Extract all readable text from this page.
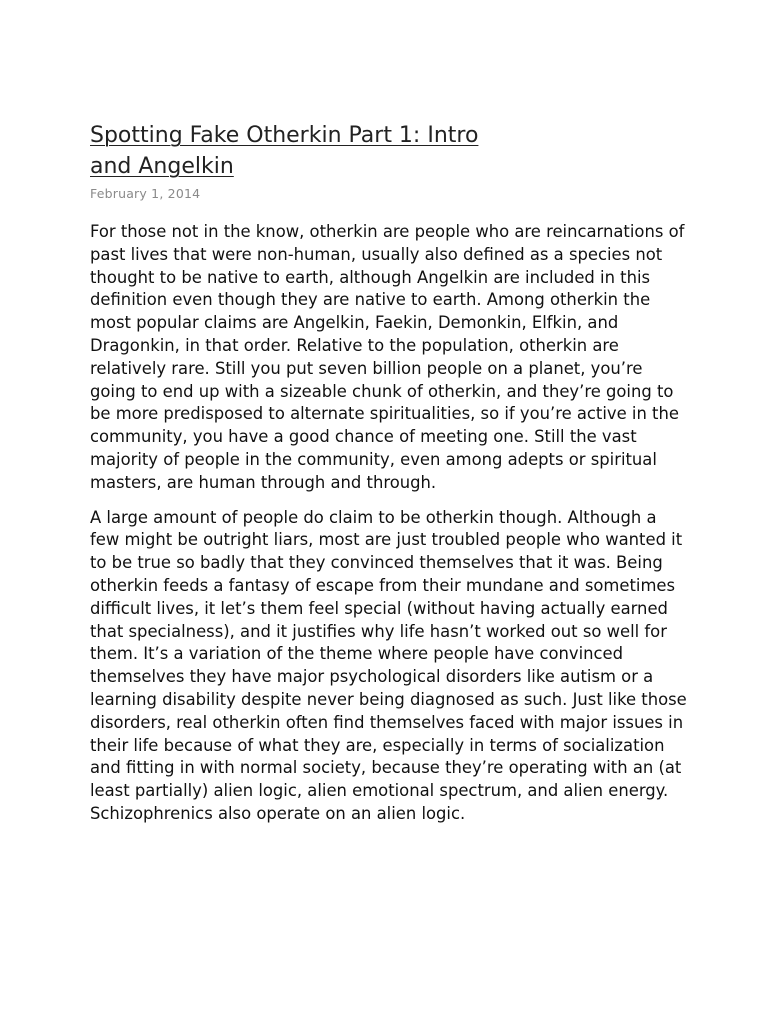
Spotting Fake Otherkin Part 1: Intro
and Angelkin
February 1, 2014

For those not in the know, otherkin are people who are reincarnations of past lives that were non-human, usually also defined as a species not thought to be native to earth, although Angelkin are included in this definition even though they are native to earth. Among otherkin the most popular claims are Angelkin, Faekin, Demonkin, Elfkin, and Dragonkin, in that order. Relative to the population, otherkin are relatively rare. Still you put seven billion people on a planet, you’re going to end up with a sizeable chunk of otherkin, and they’re going to be more predisposed to alternate spiritualities, so if you’re active in the community, you have a good chance of meeting one. Still the vast majority of people in the community, even among adepts or spiritual masters, are human through and through.

A large amount of people do claim to be otherkin though. Although a few might be outright liars, most are just troubled people who wanted it to be true so badly that they convinced themselves that it was. Being otherkin feeds a fantasy of escape from their mundane and sometimes difficult lives, it let’s them feel special (without having actually earned that specialness), and it justifies why life hasn’t worked out so well for them. It’s a variation of the theme where people have convinced themselves they have major psychological disorders like autism or a learning disability despite never being diagnosed as such. Just like those disorders, real otherkin often find themselves faced with major issues in their life because of what they are, especially in terms of socialization and fitting in with normal society, because they’re operating with an (at least partially) alien logic, alien emotional spectrum, and alien energy. Schizophrenics also operate on an alien logic.
